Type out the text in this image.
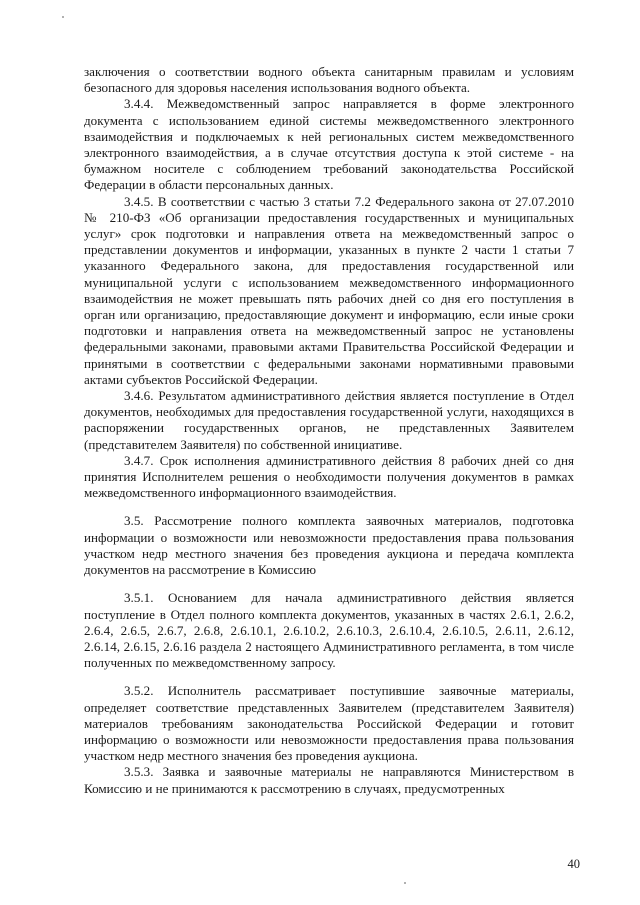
заключения о соответствии водного объекта санитарным правилам и условиям безопасного для здоровья населения использования водного объекта.

3.4.4. Межведомственный запрос направляется в форме электронного документа с использованием единой системы межведомственного электронного взаимодействия и подключаемых к ней региональных систем межведомственного электронного взаимодействия, а в случае отсутствия доступа к этой системе - на бумажном носителе с соблюдением требований законодательства Российской Федерации в области персональных данных.

3.4.5. В соответствии с частью 3 статьи 7.2 Федерального закона от 27.07.2010 № 210-ФЗ «Об организации предоставления государственных и муниципальных услуг» срок подготовки и направления ответа на межведомственный запрос о представлении документов и информации, указанных в пункте 2 части 1 статьи 7 указанного Федерального закона, для предоставления государственной или муниципальной услуги с использованием межведомственного информационного взаимодействия не может превышать пять рабочих дней со дня его поступления в орган или организацию, предоставляющие документ и информацию, если иные сроки подготовки и направления ответа на межведомственный запрос не установлены федеральными законами, правовыми актами Правительства Российской Федерации и принятыми в соответствии с федеральными законами нормативными правовыми актами субъектов Российской Федерации.

3.4.6. Результатом административного действия является поступление в Отдел документов, необходимых для предоставления государственной услуги, находящихся в распоряжении государственных органов, не представленных Заявителем (представителем Заявителя) по собственной инициативе.

3.4.7. Срок исполнения административного действия 8 рабочих дней со дня принятия Исполнителем решения о необходимости получения документов в рамках межведомственного информационного взаимодействия.

3.5. Рассмотрение полного комплекта заявочных материалов, подготовка информации о возможности или невозможности предоставления права пользования участком недр местного значения без проведения аукциона и передача комплекта документов на рассмотрение в Комиссию

3.5.1. Основанием для начала административного действия является поступление в Отдел полного комплекта документов, указанных в частях 2.6.1, 2.6.2, 2.6.4, 2.6.5, 2.6.7, 2.6.8, 2.6.10.1, 2.6.10.2, 2.6.10.3, 2.6.10.4, 2.6.10.5, 2.6.11, 2.6.12, 2.6.14, 2.6.15, 2.6.16 раздела 2 настоящего Административного регламента, в том числе полученных по межведомственному запросу.

3.5.2. Исполнитель рассматривает поступившие заявочные материалы, определяет соответствие представленных Заявителем (представителем Заявителя) материалов требованиям законодательства Российской Федерации и готовит информацию о возможности или невозможности предоставления права пользования участком недр местного значения без проведения аукциона.

3.5.3. Заявка и заявочные материалы не направляются Министерством в Комиссию и не принимаются к рассмотрению в случаях, предусмотренных

40
